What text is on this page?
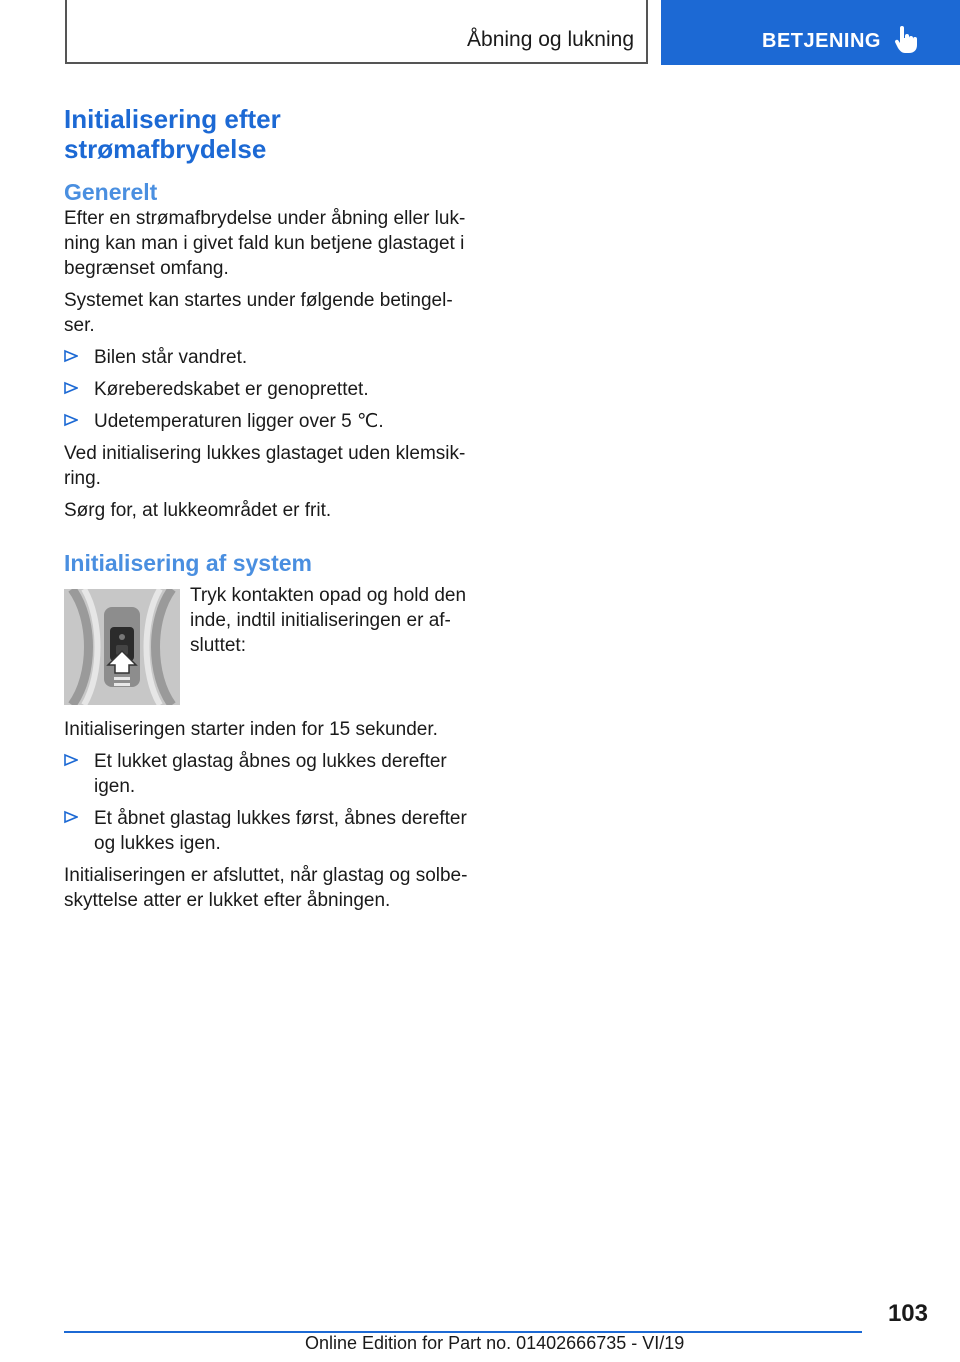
Åbning og lukning	BETJENING
Initialisering efter strømafbrydelse
Generelt

Efter en strømafbrydelse under åbning eller luk-ning kan man i givet fald kun betjene glastaget i begrænset omfang.

Systemet kan startes under følgende betingel-ser.

Bilen står vandret.
Køreberedskabet er genoprettet.
Udetemperaturen ligger over 5 ℃.

Ved initialisering lukkes glastaget uden klemsik-ring.

Sørg for, at lukkeområdet er frit.

Initialisering af system

Tryk kontakten opad og hold den inde, indtil initialiseringen er af-sluttet:

Initialiseringen starter inden for 15 sekunder.

Et lukket glastag åbnes og lukkes derefter igen.
Et åbnet glastag lukkes først, åbnes derefter og lukkes igen.

Initialiseringen er afsluttet, når glastag og solbe-skyttelse atter er lukket efter åbningen.

103
Online Edition for Part no. 01402666735 - VI/19
